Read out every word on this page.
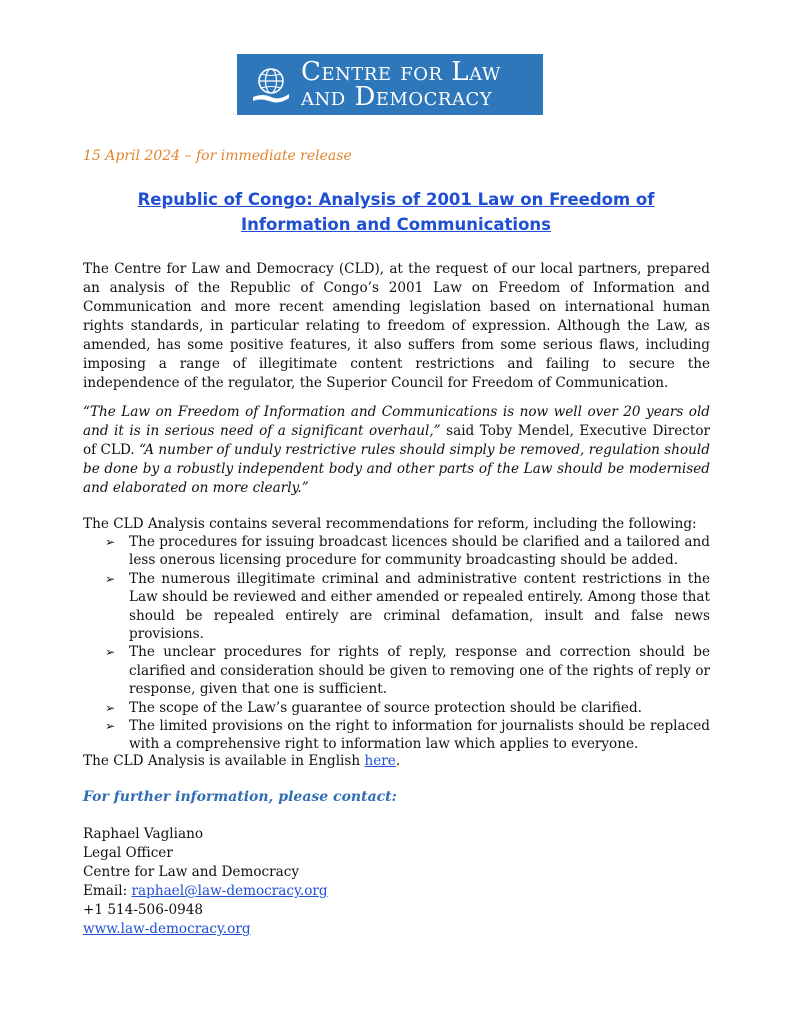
Centre for Law
and Democracy
15 April 2024 – for immediate release
Republic of Congo: Analysis of 2001 Law on Freedom of Information and Communications
The Centre for Law and Democracy (CLD), at the request of our local partners, prepared an analysis of the Republic of Congo’s 2001 Law on Freedom of Information and Communication and more recent amending legislation based on international human rights standards, in particular relating to freedom of expression. Although the Law, as amended, has some positive features, it also suffers from some serious flaws, including imposing a range of illegitimate content restrictions and failing to secure the independence of the regulator, the Superior Council for Freedom of Communication.
“The Law on Freedom of Information and Communications is now well over 20 years old and it is in serious need of a significant overhaul,” said Toby Mendel, Executive Director of CLD. “A number of unduly restrictive rules should simply be removed, regulation should be done by a robustly independent body and other parts of the Law should be modernised and elaborated on more clearly.”
The CLD Analysis contains several recommendations for reform, including the following:
➢ The procedures for issuing broadcast licences should be clarified and a tailored and less onerous licensing procedure for community broadcasting should be added.
➢ The numerous illegitimate criminal and administrative content restrictions in the Law should be reviewed and either amended or repealed entirely. Among those that should be repealed entirely are criminal defamation, insult and false news provisions.
➢ The unclear procedures for rights of reply, response and correction should be clarified and consideration should be given to removing one of the rights of reply or response, given that one is sufficient.
➢ The scope of the Law’s guarantee of source protection should be clarified.
➢ The limited provisions on the right to information for journalists should be replaced with a comprehensive right to information law which applies to everyone.
The CLD Analysis is available in English here.
For further information, please contact:
Raphael Vagliano
Legal Officer
Centre for Law and Democracy
Email: raphael@law-democracy.org
+1 514-506-0948
www.law-democracy.org
